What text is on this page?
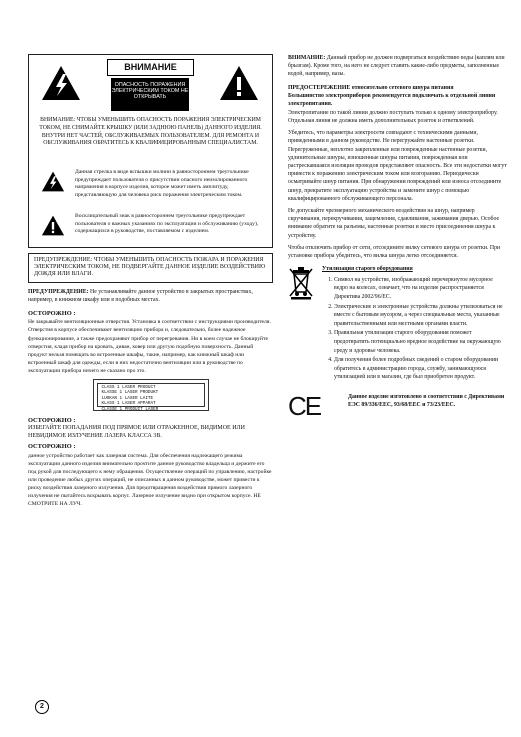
ВНИМАНИЕ
ОПАСНОСТЬ ПОРАЖЕНИЯ ЭЛЕКТРИЧЕСКИМ ТОКОМ НЕ ОТКРЫВАТЬ
ВНИМАНИЕ: ЧТОБЫ УМЕНЬШИТЬ ОПАСНОСТЬ ПОРАЖЕНИЯ ЭЛЕКТРИЧЕСКИМ ТОКОМ, НЕ СНИМАЙТЕ КРЫШКУ (ИЛИ ЗАДНЮЮ ПАНЕЛЬ) ДАННОГО ИЗДЕЛИЯ. ВНУТРИ НЕТ ЧАСТЕЙ, ОБСЛУЖИВАЕМЫХ ПОЛЬЗОВАТЕЛЕМ. ДЛЯ РЕМОНТА И ОБСЛУЖИВАНИЯ ОБРАТИТЕСЬ К КВАЛИФИЦИРОВАННЫМ СПЕЦИАЛИСТАМ.
Данная стрелка в виде вспышки молнии в равностороннем треугольнике предупреждает пользователя о присутствии опасного неизолированного напряжения в корпусе изделия, которое может иметь амплитуду, представляющую для человека риск поражения электрическим током.
Восклицательный знак в равностороннем треугольнике предупреждает пользователя о важных указаниях по эксплуатации и обслуживанию (уходу), содержащихся в руководстве, поставляемом с изделием.
ПРЕДУПРЕЖДЕНИЕ: ЧТОБЫ УМЕНЬШИТЬ ОПАСНОСТЬ ПОЖАРА И ПОРАЖЕНИЯ ЭЛЕКТРИЧЕСКИМ ТОКОМ, НЕ ПОДВЕРГАЙТЕ ДАННОЕ ИЗДЕЛИЕ ВОЗДЕЙСТВИЮ ДОЖДЯ ИЛИ ВЛАГИ.

ПРЕДУПРЕЖДЕНИЕ: Не устанавливайте данное устройство в закрытых пространствах, например, в книжном шкафу или в подобных местах.

ОСТОРОЖНО :

Не закрывайте вентиляционные отверстия. Установка в соответствии с инструкциями производителя.

Отверстия в корпусе обеспечивают вентиляцию прибора и, следовательно, более надежное функционирование, а также предохраняют прибор от перегревания. Ни в коем случае не блокируйте отверстия, кладя прибор на кровать, диван, ковер или другую подобную поверхность. Данный продукт нельзя помещать во встроенные шкафы, такие, например, как книжный шкаф или встроенный шкаф для одежды, если в них недостаточно вентиляции или в руководстве по эксплуатации прибора ничего не сказано про это.

CLASS 1 LASER PRODUCT
KLASSE 1 LASER PRODUKT
LUOKAN 1 LASER LAITE
KLASS 1 LASER APPARAT
CLASSE 1 PRODUIT LASER

ОСТОРОЖНО :

ИЗБЕГАЙТЕ ПОПАДАНИЯ ПОД ПРЯМОЕ ИЛИ ОТРАЖЕННОЕ, ВИДИМОЕ ИЛИ НЕВИДИМОЕ ИЗЛУЧЕНИЕ ЛАЗЕРА КЛАССА 3В.

ОСТОРОЖНО :

данное устройство работает как лазерная система. Для обеспечения надлежащего режима эксплуатации данного изделия внимательно прочтите данное руководство владельца и держите его под рукой для последующего к нему обращения. Осуществление операций по управлению, настройке или проведение любых других операций, не описанных в данном руководстве, может привести к риску воздействия лазерного излучения. Для предотвращения воздействия прямого лазерного излучения не пытайтесь вскрывать корпус. Лазерное излучение видно при открытом корпусе. НЕ СМОТРИТЕ НА ЛУЧ.

ВНИМАНИЕ: Данный прибор не должен подвергаться воздействию воды (каплям или брызгам). Кроме того, на него не следует ставить какие-либо предметы, заполненные водой, например, вазы.

ПРЕДОСТЕРЕЖЕНИЕ относительно сетевого шнура питания

Большинство электроприборов рекомендуется подключать к отдельной линии электропитания.

Электропитание по такой линии должно поступать только к одному электроприбору. Отдельная линия не должна иметь дополнительных розеток и ответвлений.

Убедитесь, что параметры электросети совпадают с техническими данными, приведенными в данном руководстве. Не перегружайте настенные розетки. Перегруженные, неплотно закрепленные или поврежденные настенные розетки, удлинительные шнуры, изношенные шнуры питания, поврежденная или растрескавшаяся изоляция проводов представляют опасность. Все эти недостатки могут привести к поражению электрическим током или возгоранию. Периодически осматривайте шнур питания. При обнаружении повреждений или износа отсоедините шнур, прекратите эксплуатацию устройства и замените шнур с помощью квалифицированного обслуживающего персонала.

Не допускайте чрезмерного механического воздействия на шнур, например скручивания, перекручивания, защемления, сдавливания, зажимания дверью. Особое внимание обратите на разъемы, настенные розетки и место присоединения шнура к устройству.

Чтобы отключить прибор от сети, отсоедините вилку сетевого шнура от розетки. При установке прибора убедитесь, что вилка шнура легко отсоединяется.

Утилизация старого оборудования

1. Символ на устройстве, изображающий перечеркнутое мусорное ведро на колесах, означает, что на изделие распространяется Директива 2002/96/EC.
2. Электрические и электронные устройства должны утилизоваться не вместе с бытовым мусором, а через специальные места, указанные правительственными или местными органами власти.
3. Правильная утилизация старого оборудования поможет предотвратить потенциально вредное воздействие на окружающую среду и здоровье человека.
4. Для получения более подробных сведений о старом оборудовании обратитесь в администрацию города, службу, занимающуюся утилизацией или в магазин, где был приобретен продукт.
CE	Данное изделие изготовлено в соответствии с Директивами ЕЭС 89/336/EEC, 93/68/EEC и 73/23/EEC.

2
